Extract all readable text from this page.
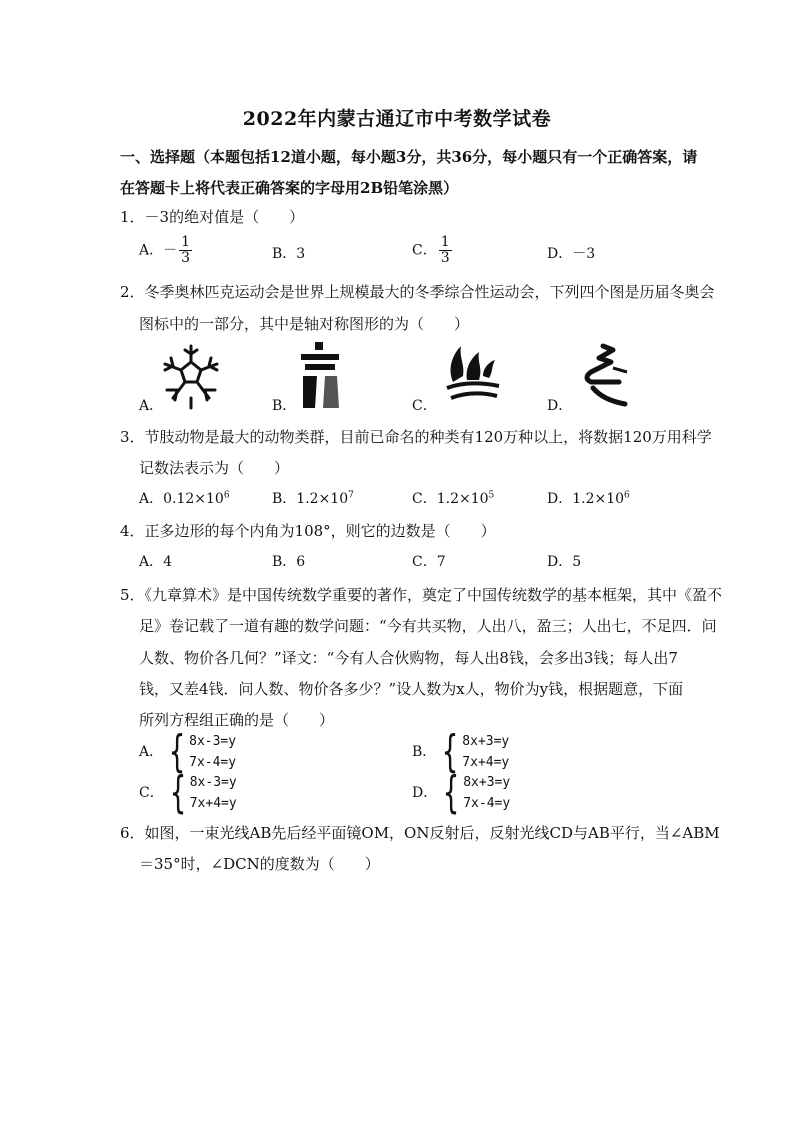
2022年内蒙古通辽市中考数学试卷
一、选择题（本题包括12道小题，每小题3分，共36分，每小题只有一个正确答案，请
在答题卡上将代表正确答案的字母用2B铅笔涂黑）
1．－3的绝对值是（　　）
A．－ $\frac{1}{3}$	B．3	C． $\frac{1}{3}$	D．－3
2．冬季奥林匹克运动会是世界上规模最大的冬季综合性运动会，下列四个图是历届冬奥会
图标中的一部分，其中是轴对称图形的为（　　）
A．	B．	C．	D．
3．节肢动物是最大的动物类群，目前已命名的种类有120万种以上，将数据120万用科学
记数法表示为（　　）
A．$0.12\times 10^6$	B．$1.2\times 10^7$	C．$1.2\times 10^5$	D．$1.2\times 10^6$
4．正多边形的每个内角为108°，则它的边数是（　　）
A．4	B．6	C．7	D．5
5．《九章算术》是中国传统数学重要的著作，奠定了中国传统数学的基本框架，其中《盈不
足》卷记载了一道有趣的数学问题：“今有共买物，人出八，盈三；人出七，不足四．问
人数、物价各几何？”译文：“今有人合伙购物，每人出8钱，会多出3钱；每人出7
钱，又差4钱．问人数、物价各多少？”设人数为x人，物价为y钱，根据题意，下面
所列方程组正确的是（　　）
A． { 8x-3=y
7x-4=y
B． { 8x+3=y
7x+4=y
C． { 8x-3=y
7x+4=y
D． { 8x+3=y
7x-4=y
6．如图，一束光线AB先后经平面镜OM，ON反射后，反射光线CD与AB平行，当∠ABM
＝35°时，∠DCN的度数为（　　）
